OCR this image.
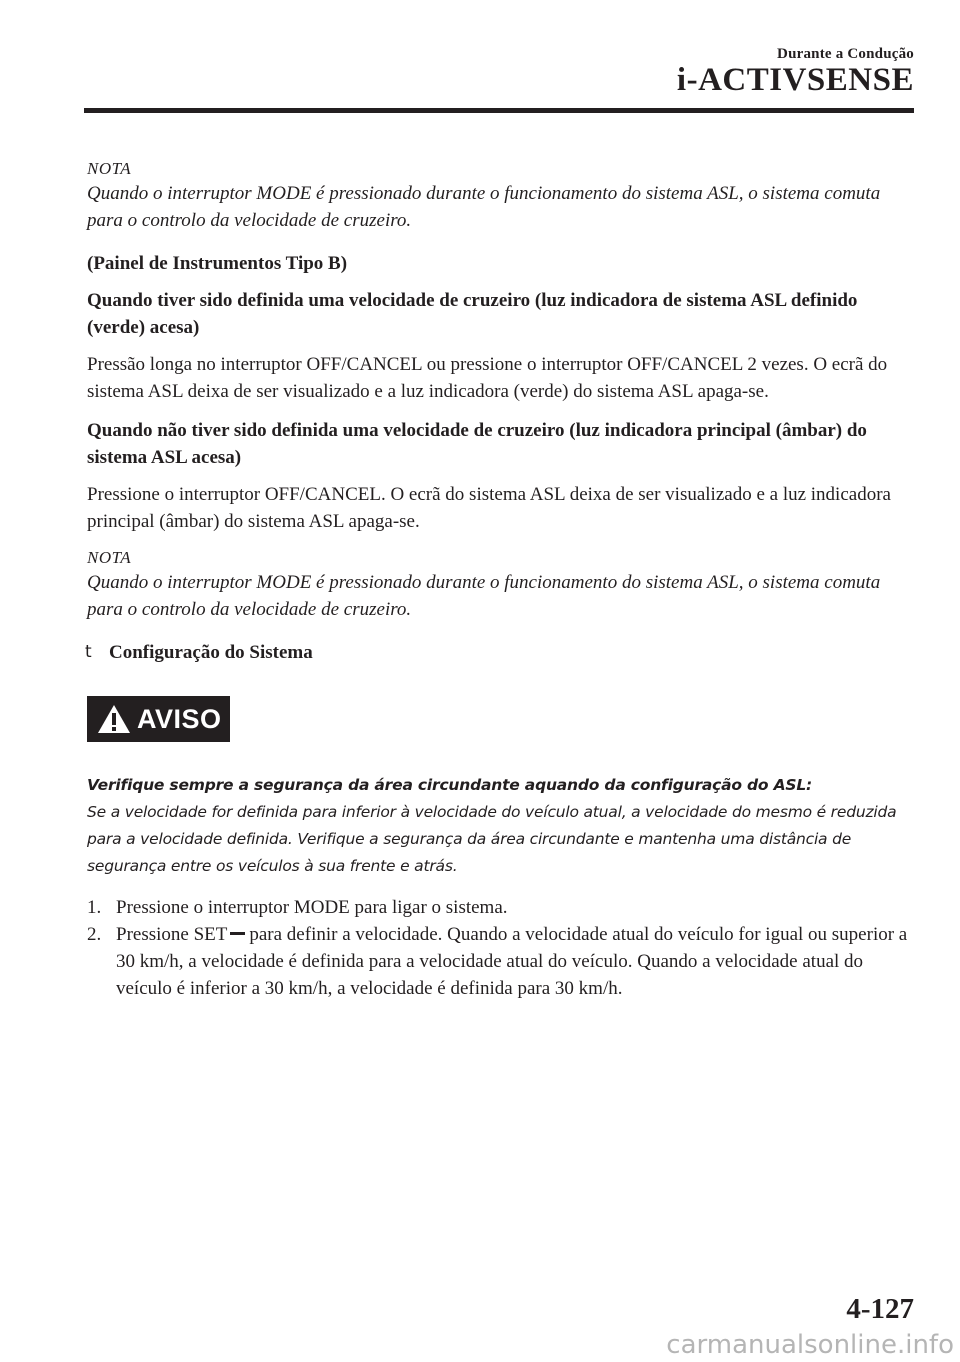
Durante a Condução
i-ACTIVSENSE

NOTA

Quando o interruptor MODE é pressionado durante o funcionamento do sistema ASL, o sistema comuta para o controlo da velocidade de cruzeiro.

(Painel de Instrumentos Tipo B)

Quando tiver sido definida uma velocidade de cruzeiro (luz indicadora de sistema ASL definido (verde) acesa)

Pressão longa no interruptor OFF/CANCEL ou pressione o interruptor OFF/CANCEL 2 vezes. O ecrã do sistema ASL deixa de ser visualizado e a luz indicadora (verde) do sistema ASL apaga-se.

Quando não tiver sido definida uma velocidade de cruzeiro (luz indicadora principal (âmbar) do sistema ASL acesa)

Pressione o interruptor OFF/CANCEL. O ecrã do sistema ASL deixa de ser visualizado e a luz indicadora principal (âmbar) do sistema ASL apaga-se.

NOTA

Quando o interruptor MODE é pressionado durante o funcionamento do sistema ASL, o sistema comuta para o controlo da velocidade de cruzeiro.

t Configuração do Sistema
AVISO

Verifique sempre a segurança da área circundante aquando da configuração do ASL:

Se a velocidade for definida para inferior à velocidade do veículo atual, a velocidade do mesmo é reduzida para a velocidade definida. Verifique a segurança da área circundante e mantenha uma distância de segurança entre os veículos à sua frente e atrás.

1. Pressione o interruptor MODE para ligar o sistema.
2. Pressione SET para definir a velocidade. Quando a velocidade atual do veículo for igual ou superior a 30 km/h, a velocidade é definida para a velocidade atual do veículo. Quando a velocidade atual do veículo é inferior a 30 km/h, a velocidade é definida para 30 km/h.
4-127
carmanualsonline.info
